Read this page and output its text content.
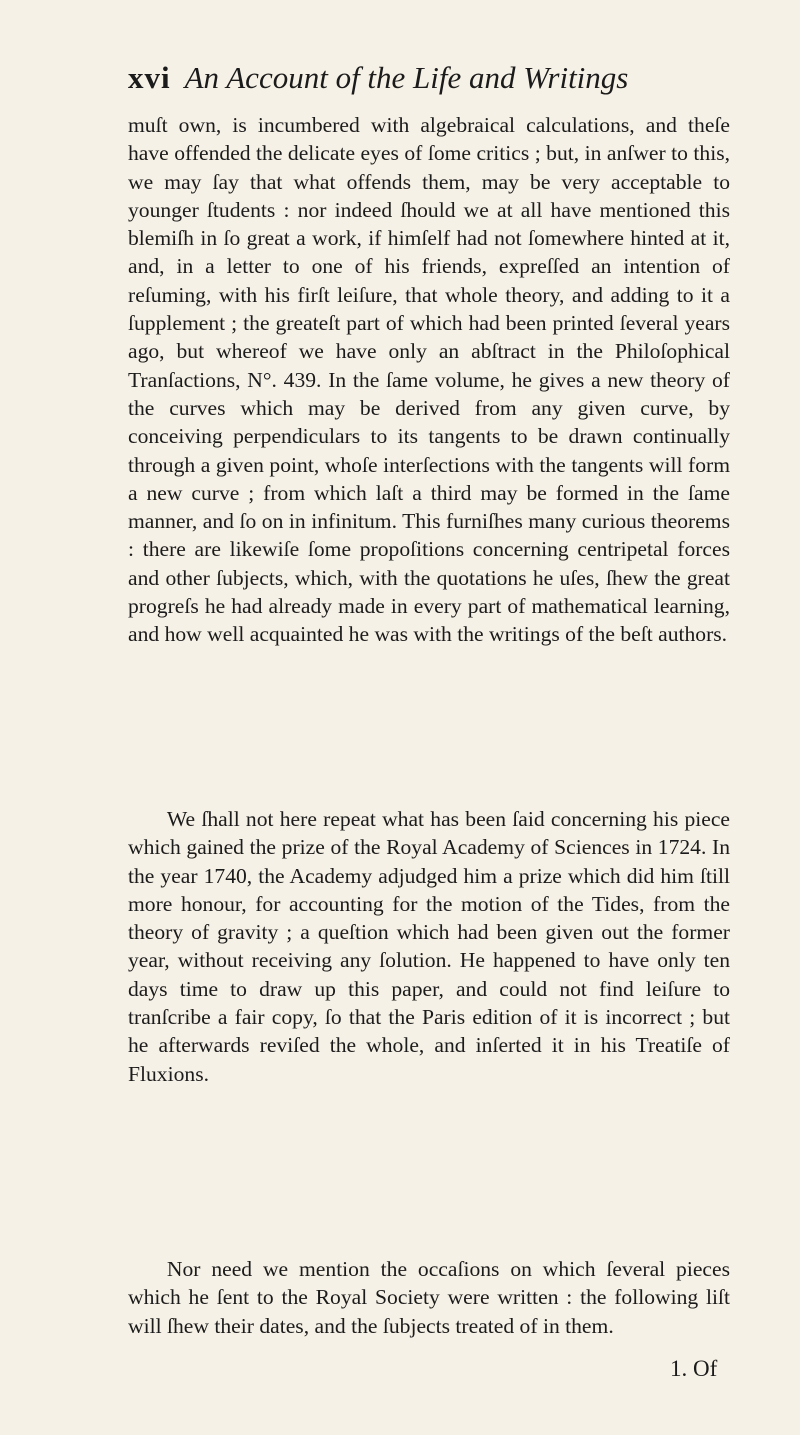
xvi An Account of the Life and Writings

muſt own, is incumbered with algebraical calculations, and theſe have offended the delicate eyes of ſome critics ; but, in anſwer to this, we may ſay that what offends them, may be very acceptable to younger ſtudents : nor indeed ſhould we at all have mentioned this blemiſh in ſo great a work, if himſelf had not ſomewhere hinted at it, and, in a letter to one of his friends, expreſſed an intention of reſuming, with his firſt leiſure, that whole theory, and adding to it a ſupplement ; the greateſt part of which had been printed ſeveral years ago, but whereof we have only an abſtract in the Philoſophical Tranſactions, N°. 439. In the ſame volume, he gives a new theory of the curves which may be derived from any given curve, by conceiving perpendiculars to its tangents to be drawn continually through a given point, whoſe interſections with the tangents will form a new curve ; from which laſt a third may be formed in the ſame manner, and ſo on in infinitum. This furniſhes many curious theorems : there are likewiſe ſome propoſitions concerning centripetal forces and other ſubjects, which, with the quotations he uſes, ſhew the great progreſs he had already made in every part of mathematical learning, and how well acquainted he was with the writings of the beſt authors.

We ſhall not here repeat what has been ſaid concerning his piece which gained the prize of the Royal Academy of Sciences in 1724. In the year 1740, the Academy adjudged him a prize which did him ſtill more honour, for accounting for the motion of the Tides, from the theory of gravity ; a queſtion which had been given out the former year, without receiving any ſolution. He happened to have only ten days time to draw up this paper, and could not find leiſure to tranſcribe a fair copy, ſo that the Paris edition of it is incorrect ; but he afterwards reviſed the whole, and inſerted it in his Treatiſe of Fluxions.

Nor need we mention the occaſions on which ſeveral pieces which he ſent to the Royal Society were written : the following liſt will ſhew their dates, and the ſubjects treated of in them.

1. Of
